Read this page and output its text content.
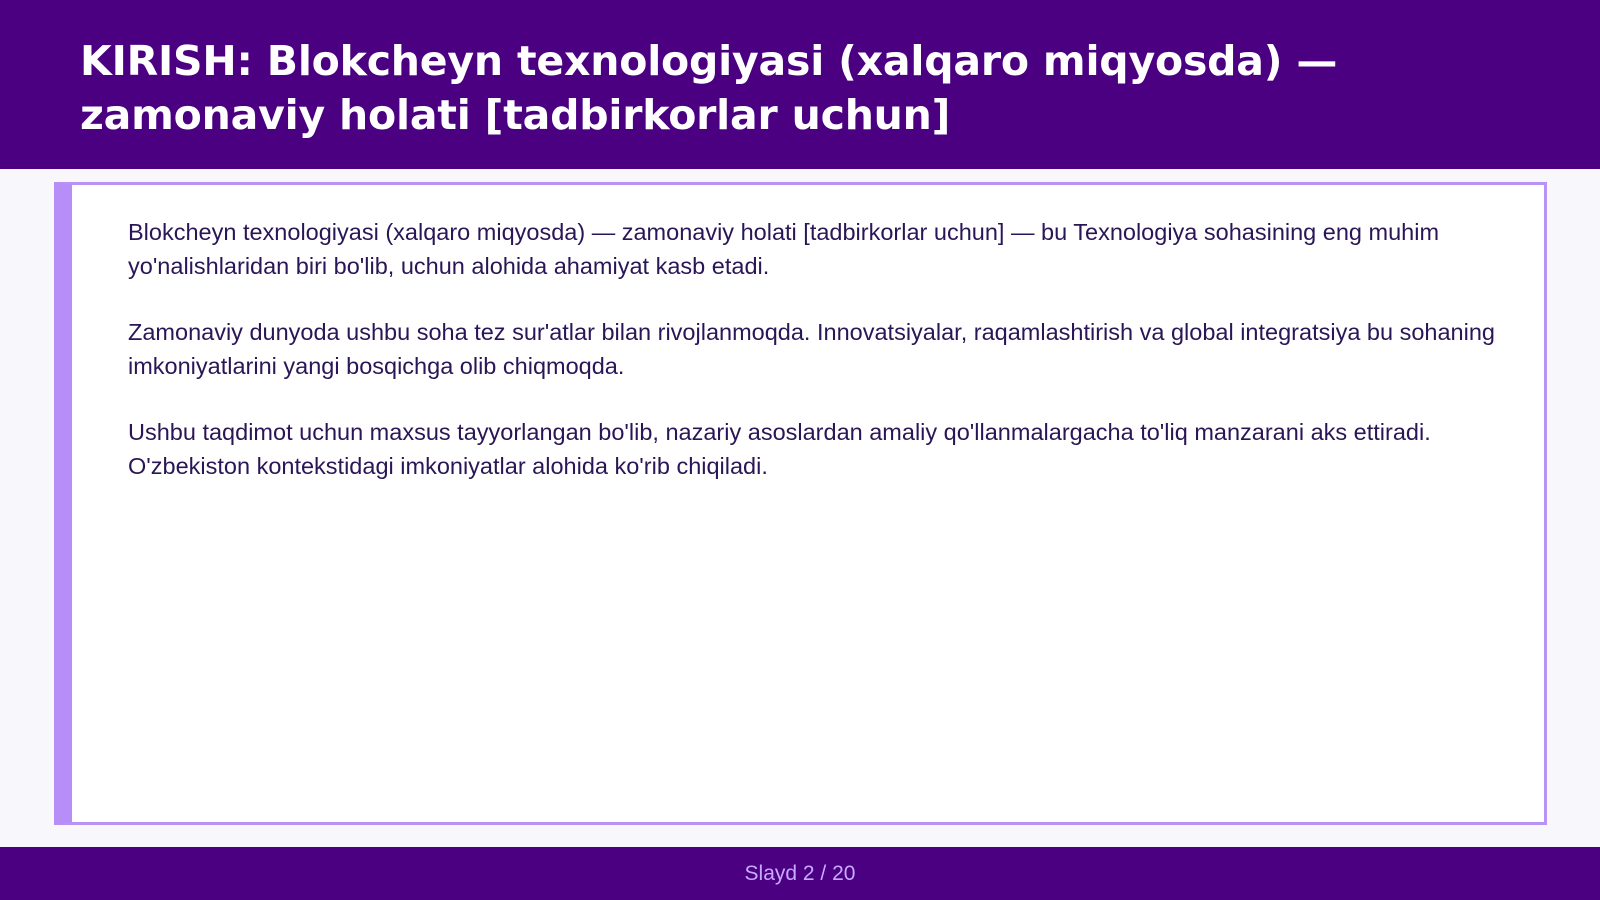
KIRISH: Blokcheyn texnologiyasi (xalqaro miqyosda) — zamonaviy holati [tadbirkorlar uchun]

Blokcheyn texnologiyasi (xalqaro miqyosda) — zamonaviy holati [tadbirkorlar uchun] — bu Texnologiya sohasining eng muhim yo'nalishlaridan biri bo'lib, uchun alohida ahamiyat kasb etadi.

Zamonaviy dunyoda ushbu soha tez sur'atlar bilan rivojlanmoqda. Innovatsiyalar, raqamlashtirish va global integratsiya bu sohaning imkoniyatlarini yangi bosqichga olib chiqmoqda.

Ushbu taqdimot uchun maxsus tayyorlangan bo'lib, nazariy asoslardan amaliy qo'llanmalargacha to'liq manzarani aks ettiradi. O'zbekiston kontekstidagi imkoniyatlar alohida ko'rib chiqiladi.

Slayd 2 / 20
